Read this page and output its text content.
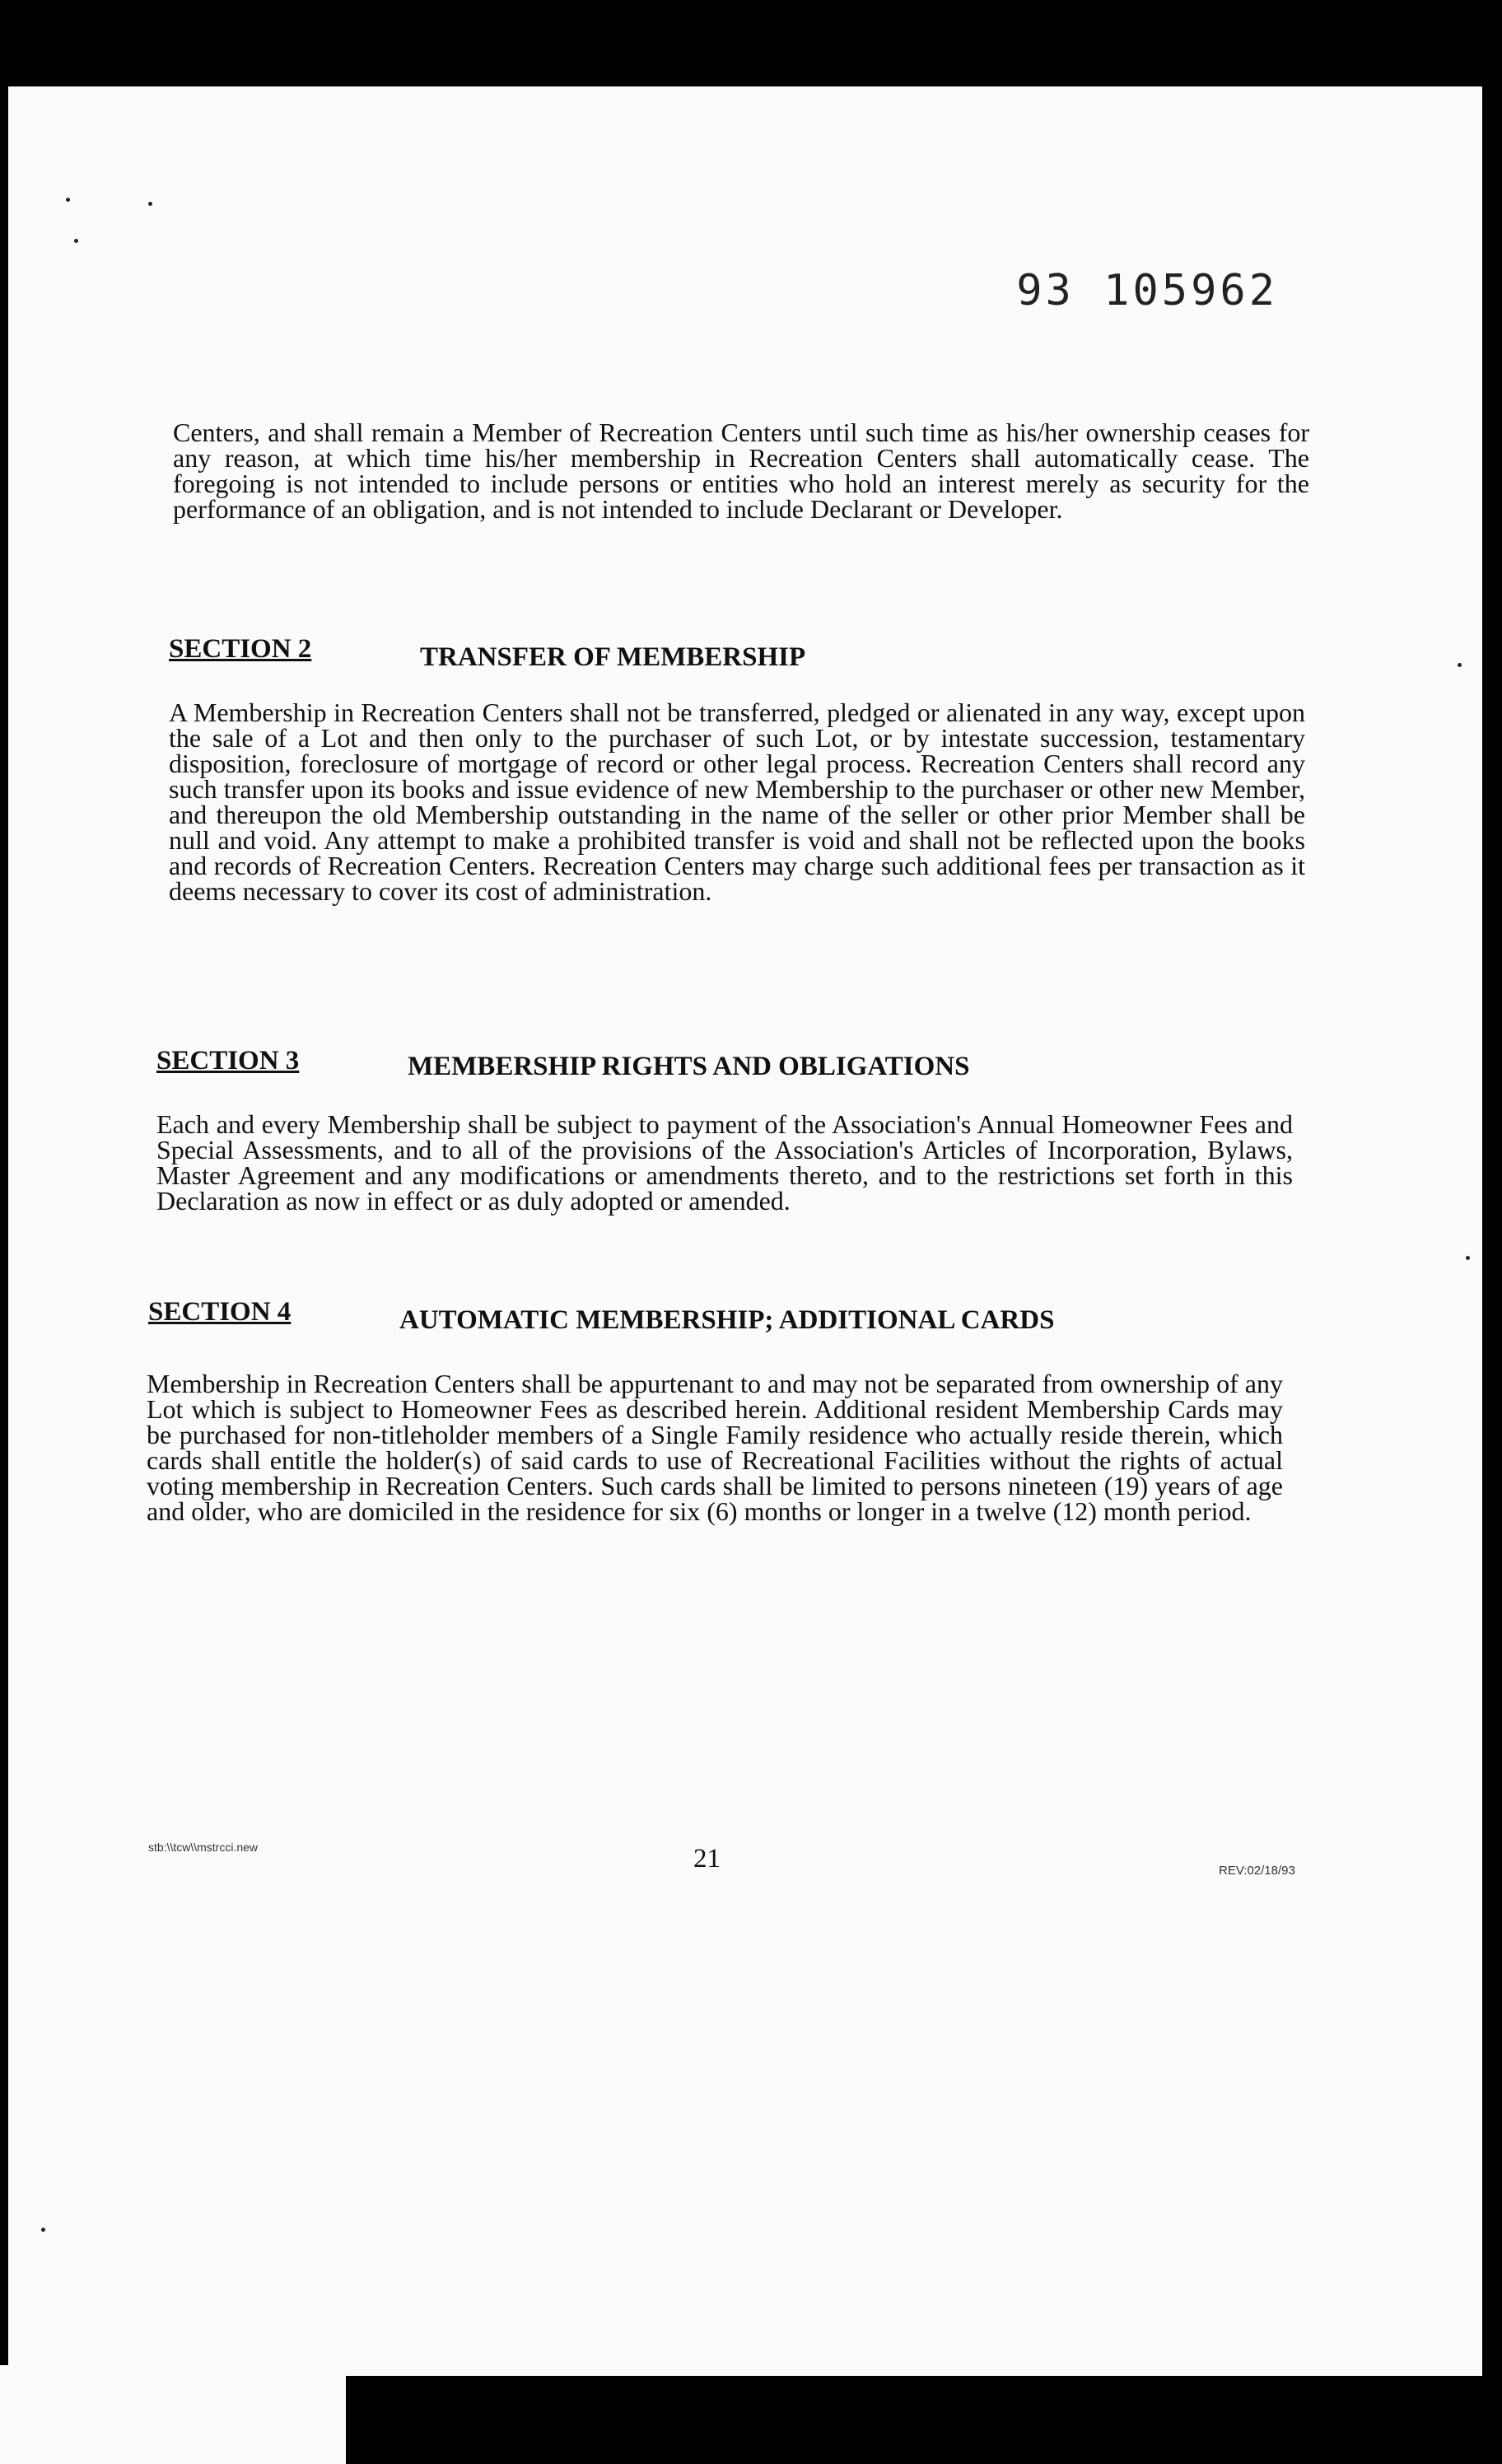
93 105962

Centers, and shall remain a Member of Recreation Centers until such time as his/her ownership ceases for any reason, at which time his/her membership in Recreation Centers shall automatically cease. The foregoing is not intended to include persons or entities who hold an interest merely as security for the performance of an obligation, and is not intended to include Declarant or Developer.

SECTION 2	TRANSFER OF MEMBERSHIP

A Membership in Recreation Centers shall not be transferred, pledged or alienated in any way, except upon the sale of a Lot and then only to the purchaser of such Lot, or by intestate succession, testamentary disposition, foreclosure of mortgage of record or other legal process. Recreation Centers shall record any such transfer upon its books and issue evidence of new Membership to the purchaser or other new Member, and thereupon the old Membership outstanding in the name of the seller or other prior Member shall be null and void. Any attempt to make a prohibited transfer is void and shall not be reflected upon the books and records of Recreation Centers. Recreation Centers may charge such additional fees per transaction as it deems necessary to cover its cost of administration.

SECTION 3	MEMBERSHIP RIGHTS AND OBLIGATIONS

Each and every Membership shall be subject to payment of the Association's Annual Homeowner Fees and Special Assessments, and to all of the provisions of the Association's Articles of Incorporation, Bylaws, Master Agreement and any modifications or amendments thereto, and to the restrictions set forth in this Declaration as now in effect or as duly adopted or amended.

SECTION 4	AUTOMATIC MEMBERSHIP; ADDITIONAL CARDS

Membership in Recreation Centers shall be appurtenant to and may not be separated from ownership of any Lot which is subject to Homeowner Fees as described herein. Additional resident Membership Cards may be purchased for non-titleholder members of a Single Family residence who actually reside therein, which cards shall entitle the holder(s) of said cards to use of Recreational Facilities without the rights of actual voting membership in Recreation Centers. Such cards shall be limited to persons nineteen (19) years of age and older, who are domiciled in the residence for six (6) months or longer in a twelve (12) month period.

stb:\\tcw\\mstrcci.new	21	REV:02/18/93
